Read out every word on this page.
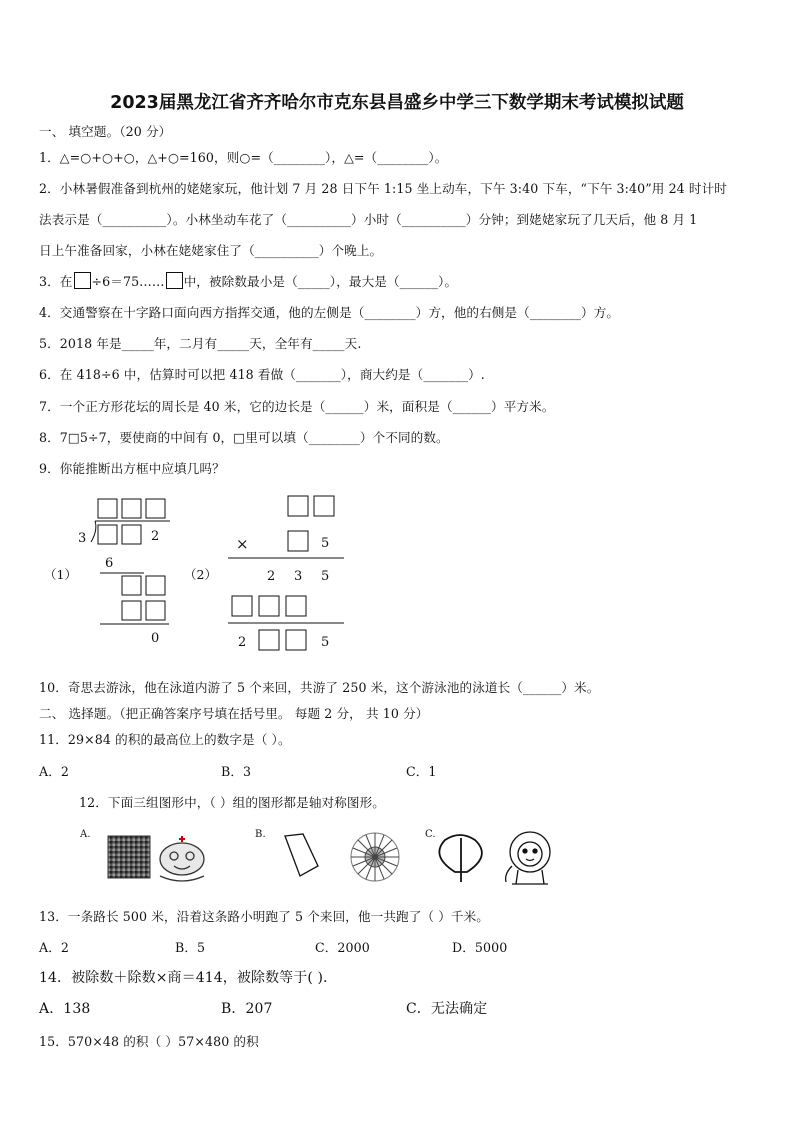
2023届黑龙江省齐齐哈尔市克东县昌盛乡中学三下数学期末考试模拟试题
一、 填空题。（20 分）
1．△=○+○+○，△+○=160，则○=（________），△=（________）。
2．小林暑假准备到杭州的姥姥家玩，他计划 7 月 28 日下午 1:15 坐上动车，下午 3:40 下车，“下午 3:40”用 24 时计时
法表示是（__________）。小林坐动车花了（__________）小时（__________）分钟；到姥姥家玩了几天后，他 8 月 1
日上午准备回家，小林在姥姥家住了（__________）个晚上。
3．在 ÷6＝75…… 中，被除数最小是（_____），最大是（______）。
4．交通警察在十字路口面向西方指挥交通，他的左侧是（________）方，他的右侧是（________）方。
5．2018 年是_____年，二月有_____天，全年有_____天.
6．在 418÷6 中，估算时可以把 418 看做（_______），商大约是（_______）.
7．一个正方形花坛的周长是 40 米，它的边长是（______）米，面积是（______）平方米。
8．7□5÷7，要使商的中间有 0，□里可以填（________）个不同的数。
9．你能推断出方框中应填几吗？
（1）
3	2
6
0
（2）
×	5
2 3 5
2	5
10．奇思去游泳，他在泳道内游了 5 个来回，共游了 250 米，这个游泳池的泳道长（______）米。
二、 选择题。（把正确答案序号填在括号里。 每题 2 分， 共 10 分）
11．29×84 的积的最高位上的数字是（ ）。
A．2	B．3	C．1
12．下面三组图形中，（ ）组的图形都是轴对称图形。
A.	B.	C.
13．一条路长 500 米，沿着这条路小明跑了 5 个来回，他一共跑了（ ）千米。
A．2	B．5	C．2000	D．5000
14．被除数＋除数×商＝414，被除数等于( ).
A．138	B．207	C．无法确定
15．570×48 的积（ ）57×480 的积
